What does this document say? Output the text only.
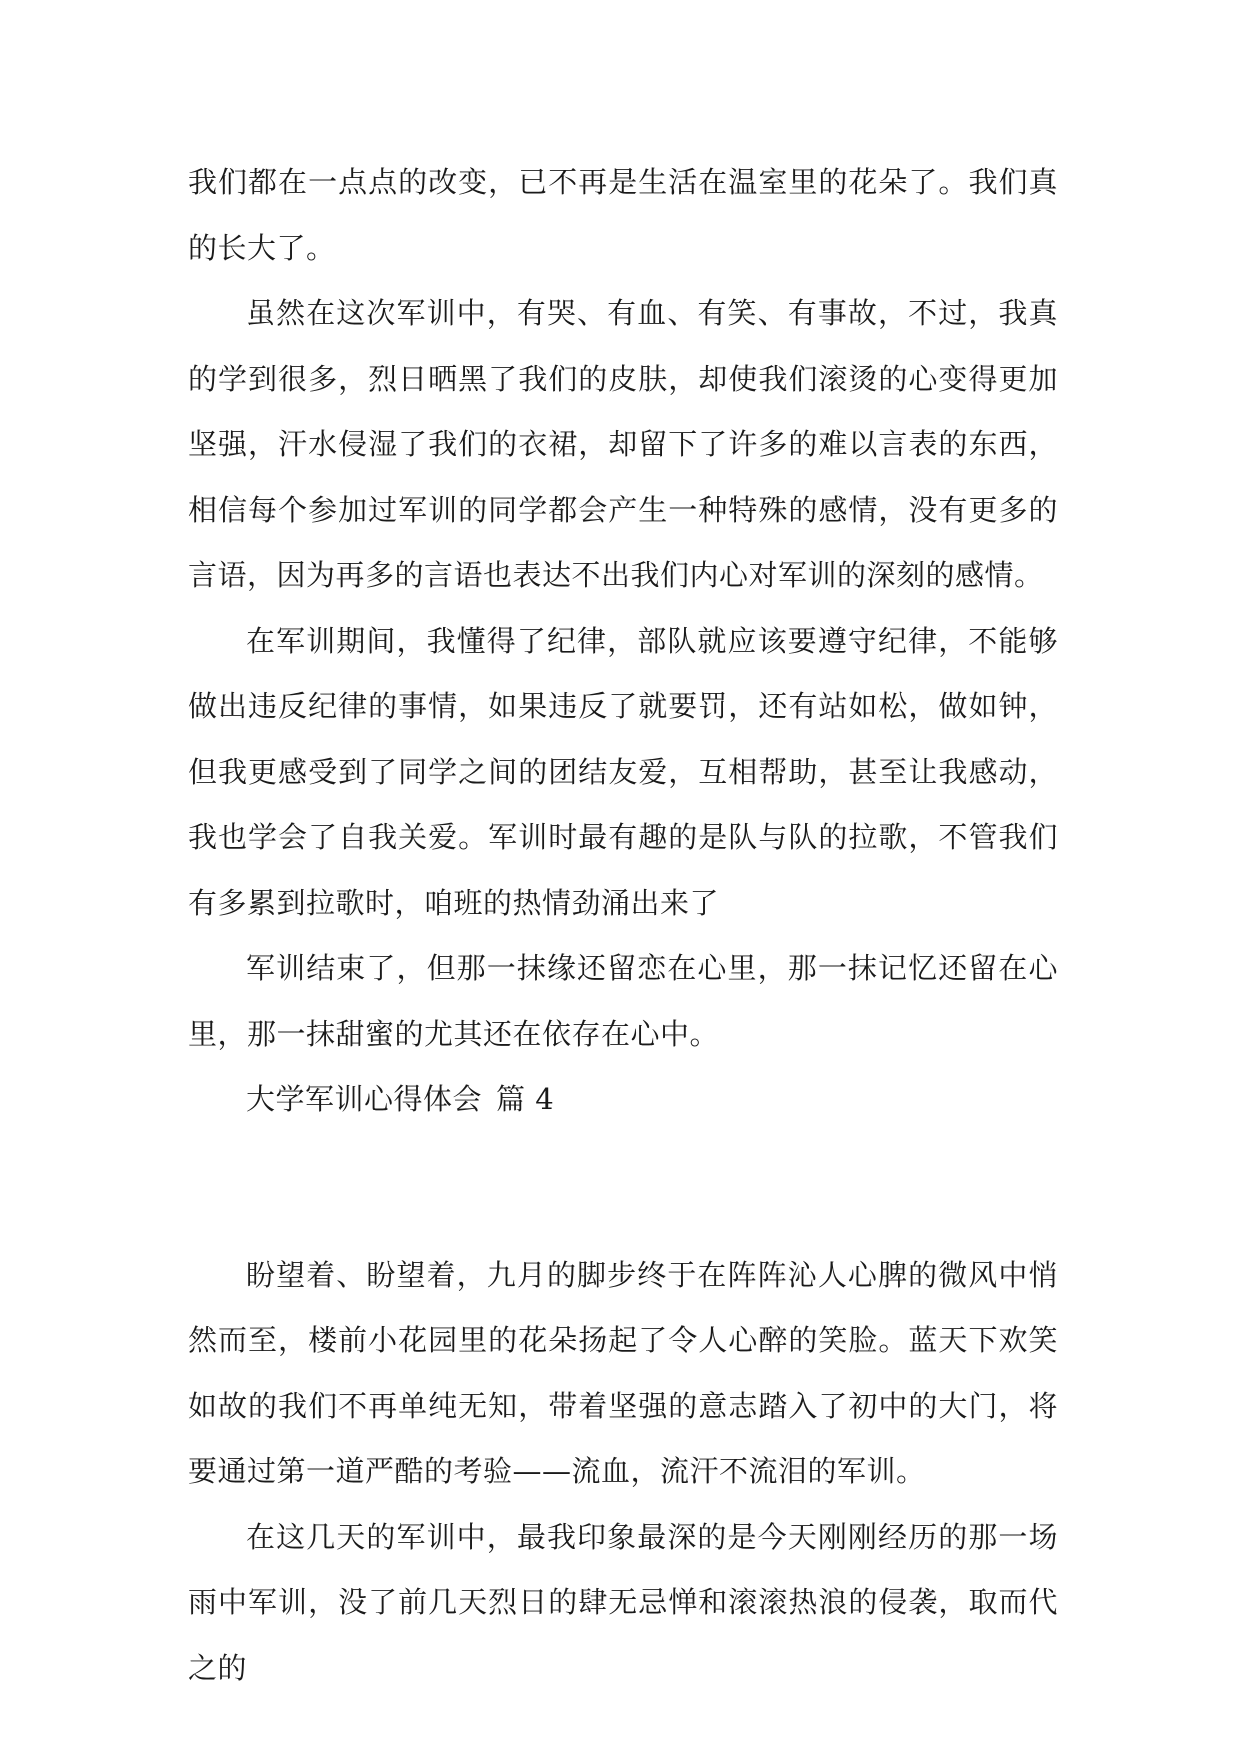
我们都在一点点的改变，已不再是生活在温室里的花朵了。我们真的长大了。

虽然在这次军训中，有哭、有血、有笑、有事故，不过，我真的学到很多，烈日晒黑了我们的皮肤，却使我们滚烫的心变得更加坚强，汗水侵湿了我们的衣裙，却留下了许多的难以言表的东西，相信每个参加过军训的同学都会产生一种特殊的感情，没有更多的言语，因为再多的言语也表达不出我们内心对军训的深刻的感情。

在军训期间，我懂得了纪律，部队就应该要遵守纪律，不能够做出违反纪律的事情，如果违反了就要罚，还有站如松，做如钟，但我更感受到了同学之间的团结友爱，互相帮助，甚至让我感动，我也学会了自我关爱。军训时最有趣的是队与队的拉歌，不管我们有多累到拉歌时，咱班的热情劲涌出来了

军训结束了，但那一抹缘还留恋在心里，那一抹记忆还留在心里，那一抹甜蜜的尤其还在依存在心中。

大学军训心得体会 篇 4

盼望着、盼望着，九月的脚步终于在阵阵沁人心脾的微风中悄然而至，楼前小花园里的花朵扬起了令人心醉的笑脸。蓝天下欢笑如故的我们不再单纯无知，带着坚强的意志踏入了初中的大门，将要通过第一道严酷的考验——流血，流汗不流泪的军训。

在这几天的军训中，最我印象最深的是今天刚刚经历的那一场雨中军训，没了前几天烈日的肆无忌惮和滚滚热浪的侵袭，取而代之的
